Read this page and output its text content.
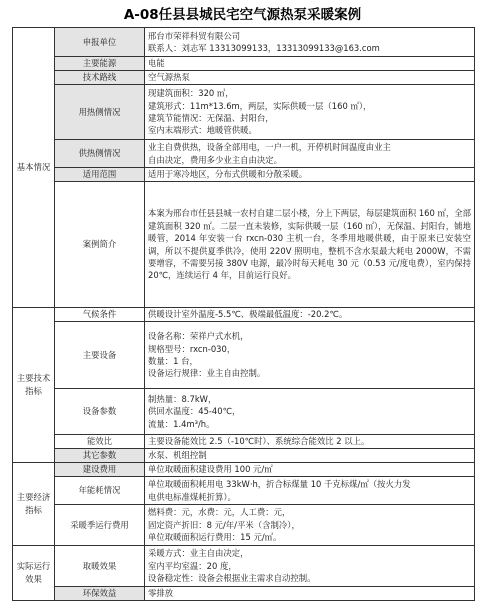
A-08任县县城民宅空气源热泵采暖案例
基本情况	申报单位	邢台市荣祥科贸有限公司
联系人：刘志军 13313099133，13313099133@163.com

	主要能源	电能
	技术路线	空气源热泵
	用热侧情况	现建筑面积：320 ㎡，
建筑形式：11m*13.6m，两层，实际供暖一层（160 ㎡），
建筑节能情况：无保温、封阳台，
室内末端形式：地暖管供暖。

	供热侧情况	业主自费供热，设备全部用电，一户一机，开停机时间温度由业主
自由决定，费用多少业主自由决定。

	适用范围	适用于寒冷地区，分布式供暖和分散采暖。
	案例简介	本案为邢台市任县县城一农村自建二层小楼，分上下两层，每层建筑面积 160 ㎡，全部建筑面积 320 ㎡。二层一直未装修，实际供暖一层（160 ㎡），无保温、封阳台，铺地暖管，2014 年安装一台 rxcn-030 主机一台，冬季用地暖供暖，由于原来已安装空调，所以不提供夏季供冷，使用 220V 照明电，整机不含水泵最大耗电 2000W，不需要增容，不需要另接 380V 电源，最冷时每天耗电 30 元（0.53 元/度电费），室内保持 20℃，连续运行 4 年，目前运行良好。

主要技术指标	气候条件	供暖设计室外温度-5.5℃、极端最低温度：-20.2℃。
	主要设备	设备名称：荣祥户式水机，
规格型号：rxcn-030，
数量：1 台，
设备运行规律：业主自由控制。

	设备参数	制热量：8.7kW，
供回水温度：45-40℃，
流量：1.4m³/h。

	能效比	主要设备能效比 2.5（-10℃时）、系统综合能效比 2 以上。
	其它参数	水泵、机组控制

主要经济指标	建设费用	单位取暖面积建设费用 100 元/㎡
	年能耗情况	单位取暖面积耗用电 33kW·h，折合标煤量 10 千克标煤/㎡（按火力发
电供电标准煤耗折算）。

	采暖季运行费用	燃料费：元，水费：元，人工费：元，
固定资产折旧：8 元/年/平米（含制冷），
单位取暖面积运行费用：15 元/㎡。

实际运行效果	取暖效果	采暖方式：业主自由决定，
室内平均室温：20 度，
设备稳定性：设备会根据业主需求自动控制。

	环保效益	零排放
